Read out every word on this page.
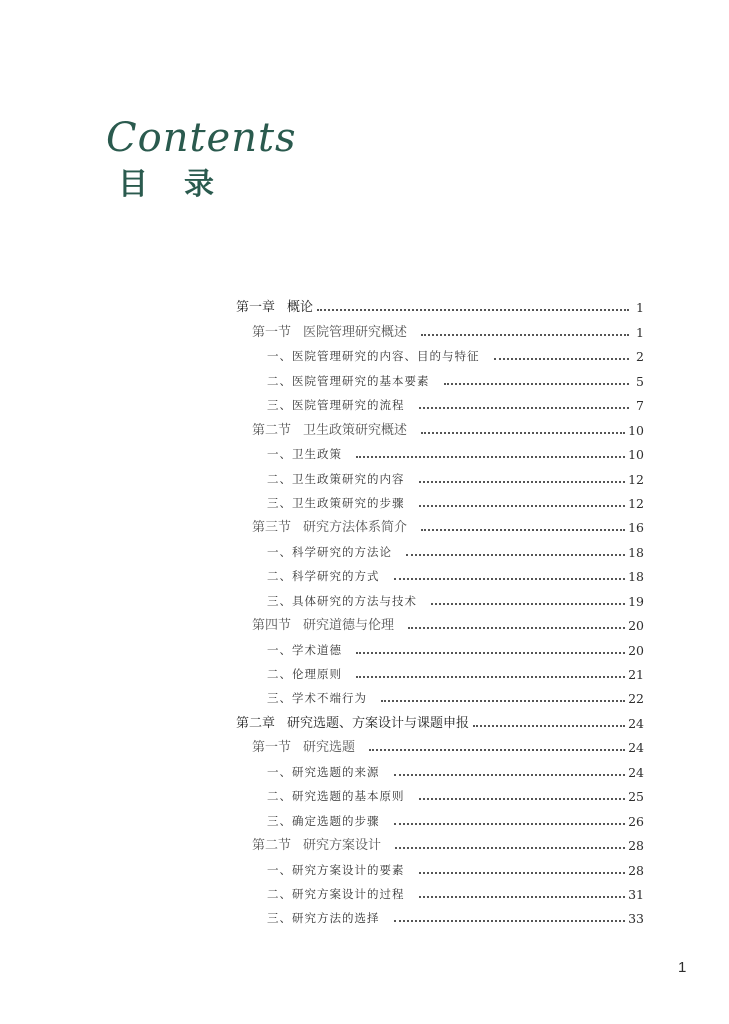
Contents
目录
第一章 概论	1
第一节 医院管理研究概述	1
一、医院管理研究的内容、目的与特征	2
二、医院管理研究的基本要素	5
三、医院管理研究的流程	7
第二节 卫生政策研究概述	10
一、卫生政策	10
二、卫生政策研究的内容	12
三、卫生政策研究的步骤	12
第三节 研究方法体系简介	16
一、科学研究的方法论	18
二、科学研究的方式	18
三、具体研究的方法与技术	19
第四节 研究道德与伦理	20
一、学术道德	20
二、伦理原则	21
三、学术不端行为	22
第二章 研究选题、方案设计与课题申报	24
第一节 研究选题	24
一、研究选题的来源	24
二、研究选题的基本原则	25
三、确定选题的步骤	26
第二节 研究方案设计	28
一、研究方案设计的要素	28
二、研究方案设计的过程	31
三、研究方法的选择	33
1
